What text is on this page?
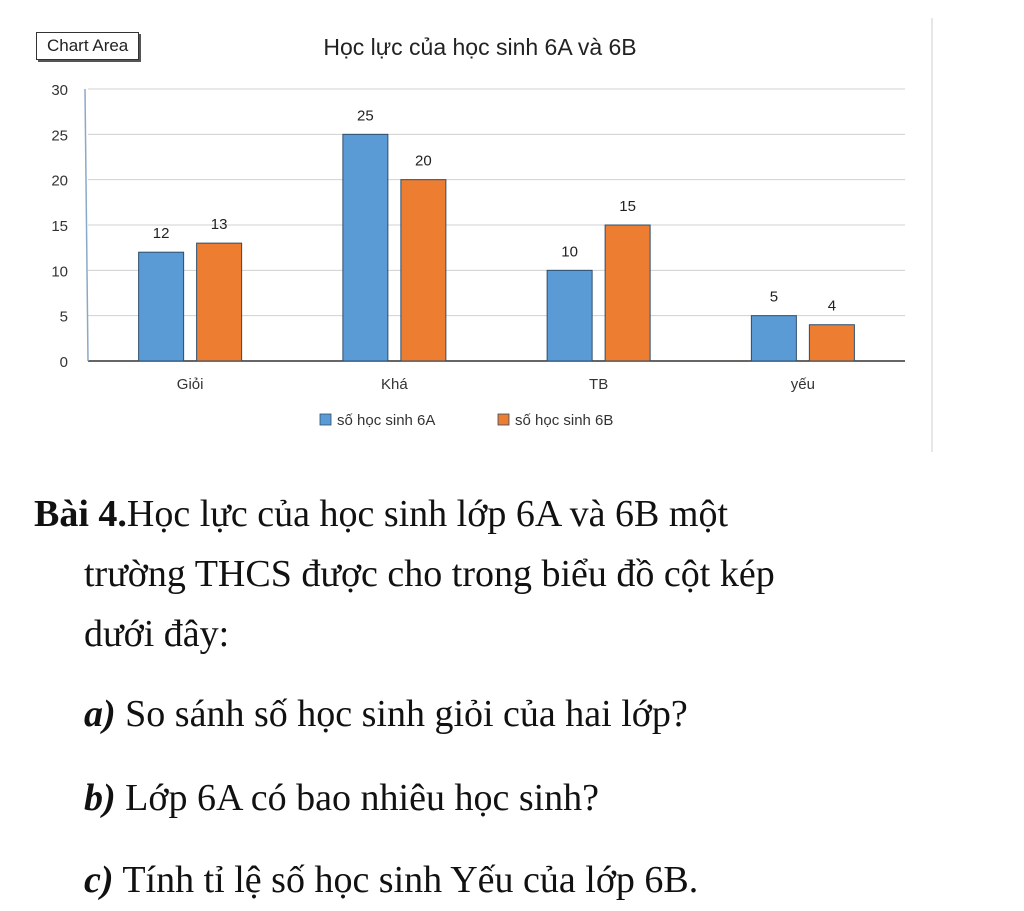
Học lực của học sinh 6A và 6B
0
5
10
15
20
25
30
Giỏi	Khá	TB	yếu
12
13
25
20
10
15
5
4
số học sinh 6A	số học sinh 6B
Chart Area
Bài 4.Học lực của học sinh lớp 6A và 6B một
trường THCS được cho trong biểu đồ cột kép
dưới đây:
a) So sánh số học sinh giỏi của hai lớp?
b) Lớp 6A có bao nhiêu học sinh?
c) Tính tỉ lệ số học sinh Yếu của lớp 6B.
